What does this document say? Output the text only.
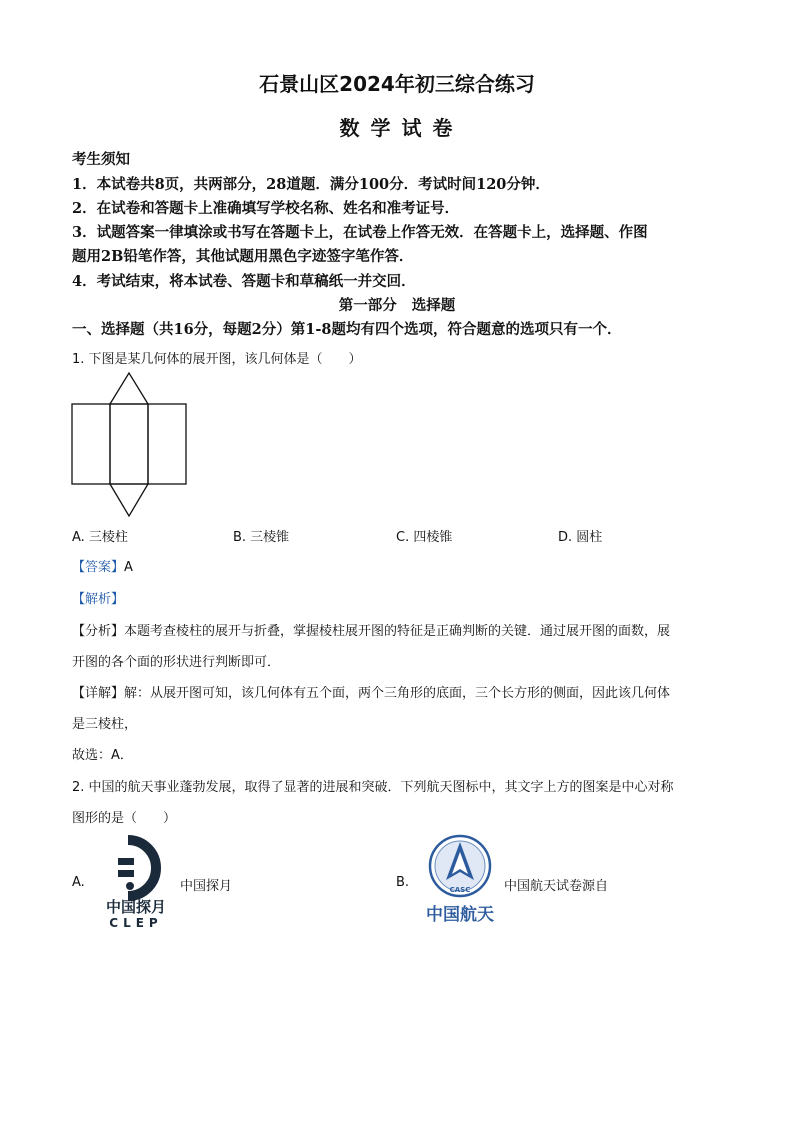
石景山区2024年初三综合练习
数 学 试 卷
考生须知
1．本试卷共8页，共两部分，28道题．满分100分．考试时间120分钟．
2．在试卷和答题卡上准确填写学校名称、姓名和准考证号．
3．试题答案一律填涂或书写在答题卡上，在试卷上作答无效．在答题卡上，选择题、作图
题用2B铅笔作答，其他试题用黑色字迹签字笔作答．
4．考试结束，将本试卷、答题卡和草稿纸一并交回．
第一部分 选择题
一、选择题（共16分，每题2分）第1-8题均有四个选项，符合题意的选项只有一个．
1. 下图是某几何体的展开图，该几何体是（　　）
A. 三棱柱	B. 三棱锥	C. 四棱锥	D. 圆柱
【答案】A
【解析】
【分析】本题考查棱柱的展开与折叠，掌握棱柱展开图的特征是正确判断的关键．通过展开图的面数，展
开图的各个面的形状进行判断即可．
【详解】解：从展开图可知，该几何体有五个面，两个三角形的底面，三个长方形的侧面，因此该几何体
是三棱柱，
故选：A．
2. 中国的航天事业蓬勃发展，取得了显著的进展和突破．下列航天图标中，其文字上方的图案是中心对称
图形的是（　　）
A.
中国探月
CLEP
中国探月	B.	CASC
中国航天
中国航天试卷源自
